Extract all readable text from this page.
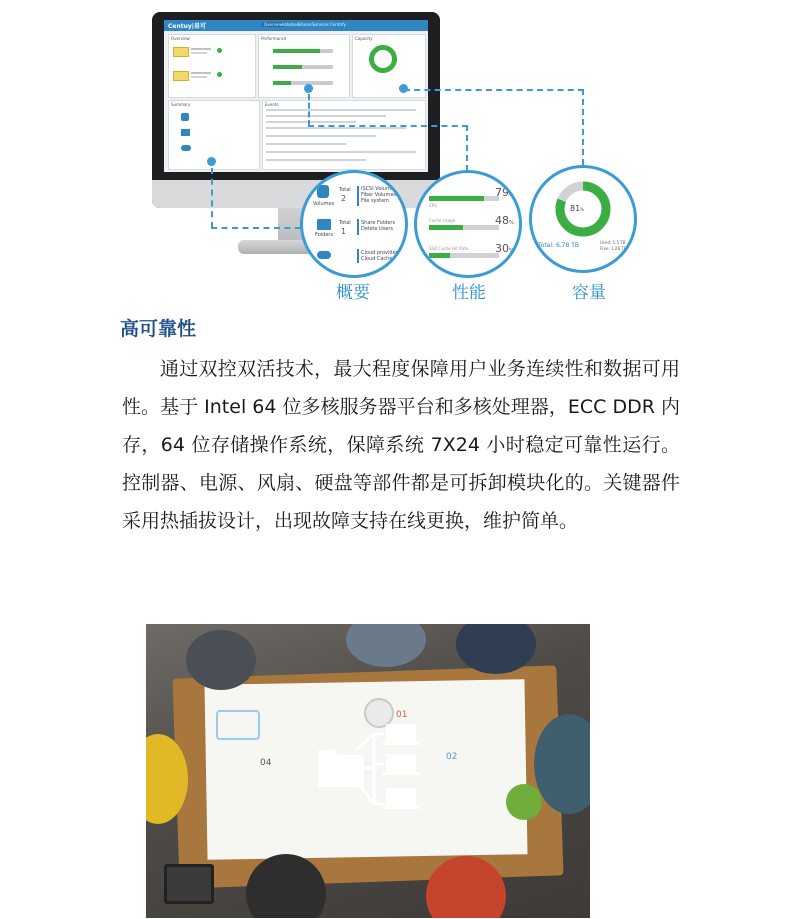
Centuy|易可	Overview Volumes Shares Services Centrify
Overview	Performance	Capacity
Summary	Events
Volumes
Total
2
iSCSI Volumes
Fiber Volumes
File system
Folders
Total
1
Share Folders
Delete Users
Cloud provider
Cloud Cache
CPU
79%
Cache Usage	48%
SSD Cache Hit Rate 30%
81%
Total: 6.78 TB	Used: 5.5 TB
Free: 1.28 TB
概要	性能	容量
高可靠性
通过双控双活技术，最大程度保障用户业务连续性和数据可用性。基于 Intel 64 位多核服务器平台和多核处理器，ECC DDR 内存，64 位存储操作系统，保障系统 7X24 小时稳定可靠性运行。控制器、电源、风扇、硬盘等部件都是可拆卸模块化的。关键器件采用热插拔设计，出现故障支持在线更换，维护简单。
01
02
04
